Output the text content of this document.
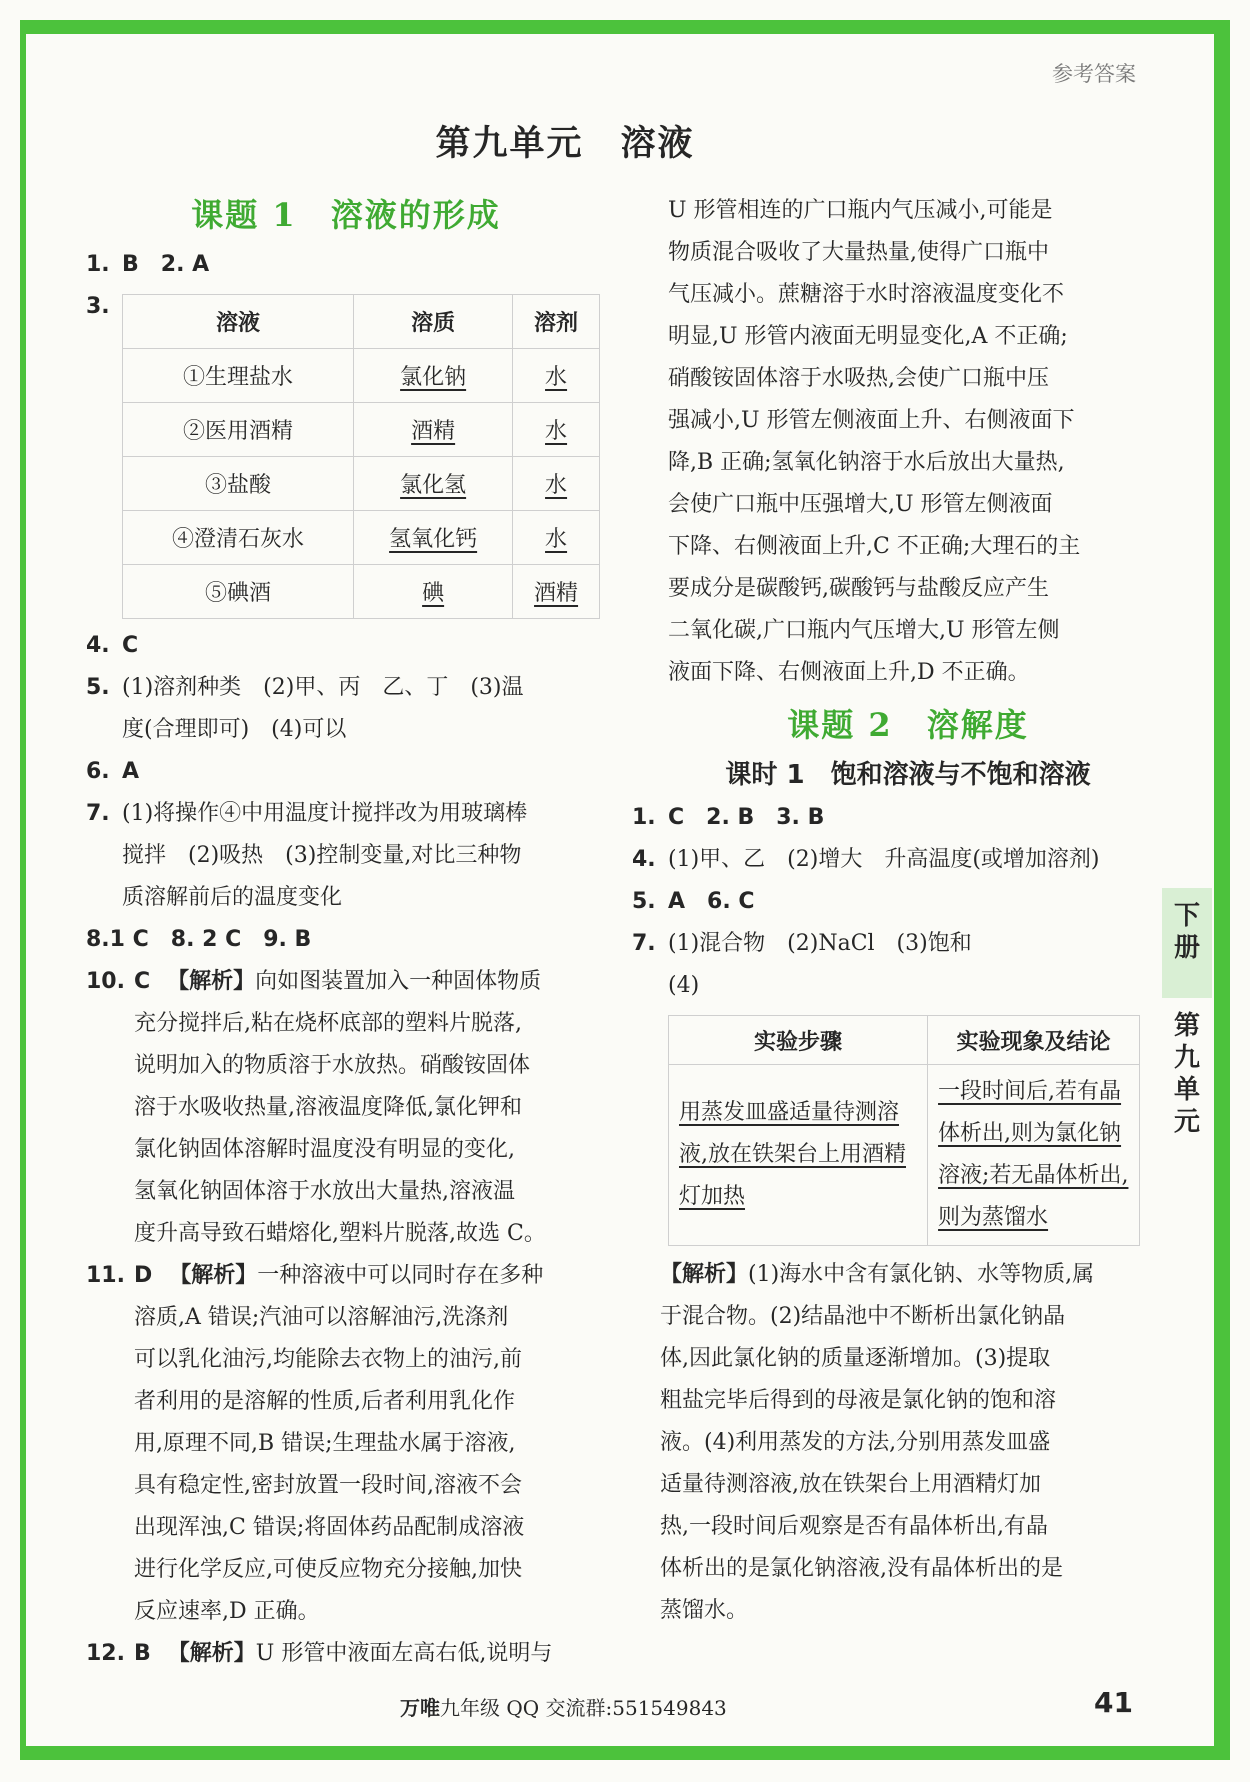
参考答案
第九单元　溶液
课题 1　溶液的形成
1. B　2. A
3.
溶液	溶质	溶剂
①生理盐水	氯化钠	水
②医用酒精	酒精	水
③盐酸	氯化氢	水
④澄清石灰水	氢氧化钙	水
⑤碘酒	碘	酒精
4. C
5. (1)溶剂种类　(2)甲、丙　乙、丁　(3)温

度(合理即可)　(4)可以

6. A
7. (1)将操作④中用温度计搅拌改为用玻璃棒

搅拌　(2)吸热　(3)控制变量,对比三种物

质溶解前后的温度变化

8. 1 C　8. 2 C　9. B
10. C 【解析】向如图装置加入一种固体物质

充分搅拌后,粘在烧杯底部的塑料片脱落,

说明加入的物质溶于水放热。硝酸铵固体

溶于水吸收热量,溶液温度降低,氯化钾和

氯化钠固体溶解时温度没有明显的变化,

氢氧化钠固体溶于水放出大量热,溶液温

度升高导致石蜡熔化,塑料片脱落,故选 C。

11. D 【解析】一种溶液中可以同时存在多种

溶质,A 错误;汽油可以溶解油污,洗涤剂

可以乳化油污,均能除去衣物上的油污,前

者利用的是溶解的性质,后者利用乳化作

用,原理不同,B 错误;生理盐水属于溶液,

具有稳定性,密封放置一段时间,溶液不会

出现浑浊,C 错误;将固体药品配制成溶液

进行化学反应,可使反应物充分接触,加快

反应速率,D 正确。

12. B 【解析】U 形管中液面左高右低,说明与

U 形管相连的广口瓶内气压减小,可能是

物质混合吸收了大量热量,使得广口瓶中

气压减小。蔗糖溶于水时溶液温度变化不

明显,U 形管内液面无明显变化,A 不正确;

硝酸铵固体溶于水吸热,会使广口瓶中压

强减小,U 形管左侧液面上升、右侧液面下

降,B 正确;氢氧化钠溶于水后放出大量热,

会使广口瓶中压强增大,U 形管左侧液面

下降、右侧液面上升,C 不正确;大理石的主

要成分是碳酸钙,碳酸钙与盐酸反应产生

二氧化碳,广口瓶内气压增大,U 形管左侧

液面下降、右侧液面上升,D 不正确。

课题 2　溶解度
课时 1　饱和溶液与不饱和溶液
1. C　2. B　3. B
4. (1)甲、乙　(2)增大　升高温度(或增加溶剂)
5. A　6. C
7. (1)混合物　(2)NaCl　(3)饱和

(4)

实验步骤	实验现象及结论
用蒸发皿盛适量待测溶液,放在铁架台上用酒精灯加热	一段时间后,若有晶体析出,则为氯化钠溶液;若无晶体析出,则为蒸馏水

【解析】(1)海水中含有氯化钠、水等物质,属

于混合物。(2)结晶池中不断析出氯化钠晶

体,因此氯化钠的质量逐渐增加。(3)提取

粗盐完毕后得到的母液是氯化钠的饱和溶

液。(4)利用蒸发的方法,分别用蒸发皿盛

适量待测溶液,放在铁架台上用酒精灯加

热,一段时间后观察是否有晶体析出,有晶

体析出的是氯化钠溶液,没有晶体析出的是

蒸馏水。

下册
第九单元
万唯九年级 QQ 交流群:551549843	41
